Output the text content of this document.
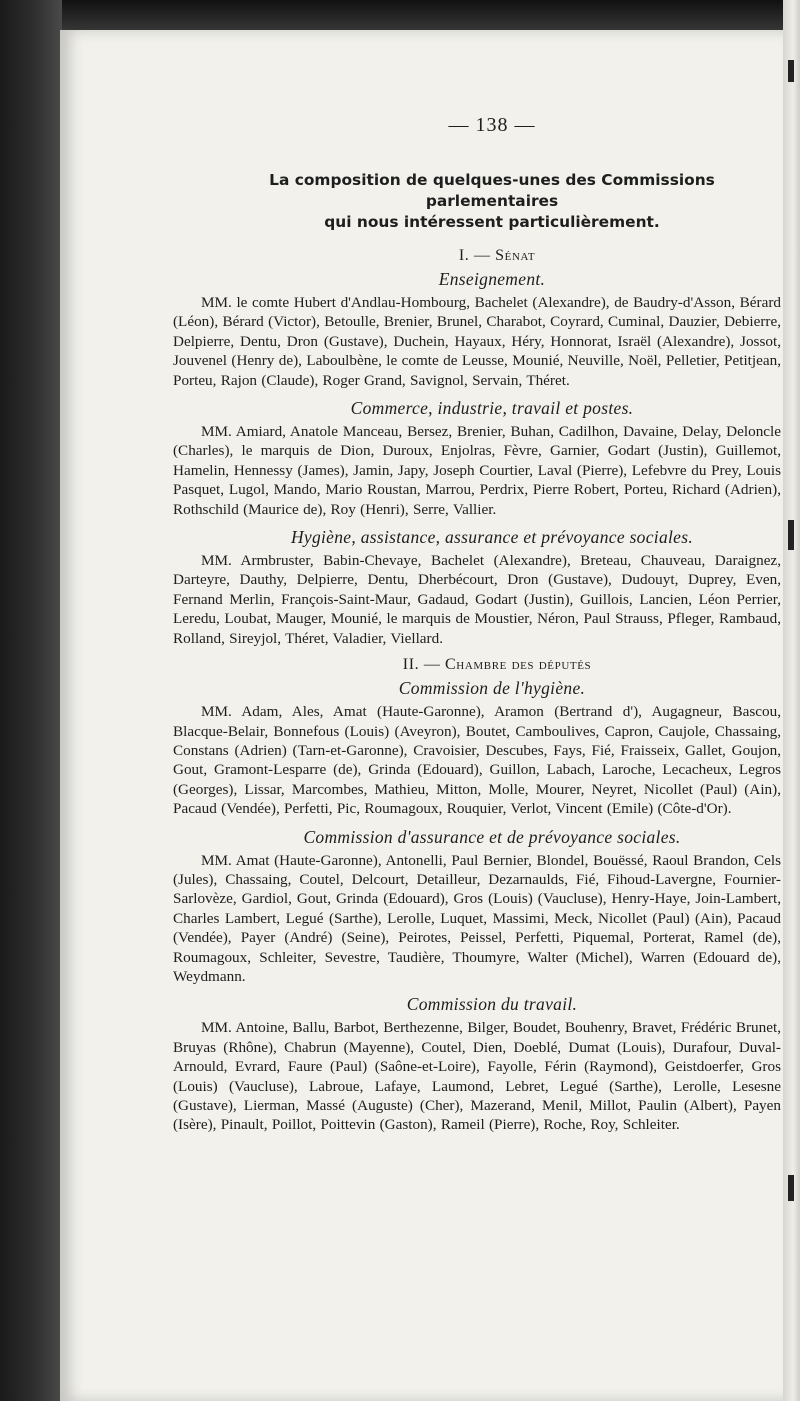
— 138 —
La composition de quelques-unes des Commissions parlementaires
qui nous intéressent particulièrement.
I. — Sénat
Enseignement.

MM. le comte Hubert d'Andlau-Hombourg, Bachelet (Alexandre), de Baudry-d'Asson, Bérard (Léon), Bérard (Victor), Betoulle, Brenier, Brunel, Charabot, Coyrard, Cuminal, Dauzier, Debierre, Delpierre, Dentu, Dron (Gustave), Duchein, Hayaux, Héry, Honnorat, Israël (Alexandre), Jossot, Jouvenel (Henry de), Laboulbène, le comte de Leusse, Mounié, Neuville, Noël, Pelletier, Petitjean, Porteu, Rajon (Claude), Roger Grand, Savignol, Servain, Théret.

Commerce, industrie, travail et postes.

MM. Amiard, Anatole Manceau, Bersez, Brenier, Buhan, Cadilhon, Davaine, Delay, Deloncle (Charles), le marquis de Dion, Duroux, Enjolras, Fèvre, Garnier, Godart (Justin), Guillemot, Hamelin, Hennessy (James), Jamin, Japy, Joseph Courtier, Laval (Pierre), Lefebvre du Prey, Louis Pasquet, Lugol, Mando, Mario Roustan, Marrou, Perdrix, Pierre Robert, Porteu, Richard (Adrien), Rothschild (Maurice de), Roy (Henri), Serre, Vallier.

Hygiène, assistance, assurance et prévoyance sociales.

MM. Armbruster, Babin-Chevaye, Bachelet (Alexandre), Breteau, Chauveau, Daraignez, Darteyre, Dauthy, Delpierre, Dentu, Dherbécourt, Dron (Gustave), Dudouyt, Duprey, Even, Fernand Merlin, François-Saint-Maur, Gadaud, Godart (Justin), Guillois, Lancien, Léon Perrier, Leredu, Loubat, Mauger, Mounié, le marquis de Moustier, Néron, Paul Strauss, Pfleger, Rambaud, Rolland, Sireyjol, Théret, Valadier, Viellard.

II. — Chambre des députés
Commission de l'hygiène.

MM. Adam, Ales, Amat (Haute-Garonne), Aramon (Bertrand d'), Augagneur, Bascou, Blacque-Belair, Bonnefous (Louis) (Aveyron), Boutet, Camboulives, Capron, Caujole, Chassaing, Constans (Adrien) (Tarn-et-Garonne), Cravoisier, Descubes, Fays, Fié, Fraisseix, Gallet, Goujon, Gout, Gramont-Lesparre (de), Grinda (Edouard), Guillon, Labach, Laroche, Lecacheux, Legros (Georges), Lissar, Marcombes, Mathieu, Mitton, Molle, Mourer, Neyret, Nicollet (Paul) (Ain), Pacaud (Vendée), Perfetti, Pic, Roumagoux, Rouquier, Verlot, Vincent (Emile) (Côte-d'Or).

Commission d'assurance et de prévoyance sociales.

MM. Amat (Haute-Garonne), Antonelli, Paul Bernier, Blondel, Bouëssé, Raoul Brandon, Cels (Jules), Chassaing, Coutel, Delcourt, Detailleur, Dezarnaulds, Fié, Fihoud-Lavergne, Fournier-Sarlovèze, Gardiol, Gout, Grinda (Edouard), Gros (Louis) (Vaucluse), Henry-Haye, Join-Lambert, Charles Lambert, Legué (Sarthe), Lerolle, Luquet, Massimi, Meck, Nicollet (Paul) (Ain), Pacaud (Vendée), Payer (André) (Seine), Peirotes, Peissel, Perfetti, Piquemal, Porterat, Ramel (de), Roumagoux, Schleiter, Sevestre, Taudière, Thoumyre, Walter (Michel), Warren (Edouard de), Weydmann.

Commission du travail.

MM. Antoine, Ballu, Barbot, Berthezenne, Bilger, Boudet, Bouhenry, Bravet, Frédéric Brunet, Bruyas (Rhône), Chabrun (Mayenne), Coutel, Dien, Doeblé, Dumat (Louis), Durafour, Duval-Arnould, Evrard, Faure (Paul) (Saône-et-Loire), Fayolle, Férin (Raymond), Geistdoerfer, Gros (Louis) (Vaucluse), Labroue, Lafaye, Laumond, Lebret, Legué (Sarthe), Lerolle, Lesesne (Gustave), Lierman, Massé (Auguste) (Cher), Mazerand, Menil, Millot, Paulin (Albert), Payen (Isère), Pinault, Poillot, Poittevin (Gaston), Rameil (Pierre), Roche, Roy, Schleiter.
